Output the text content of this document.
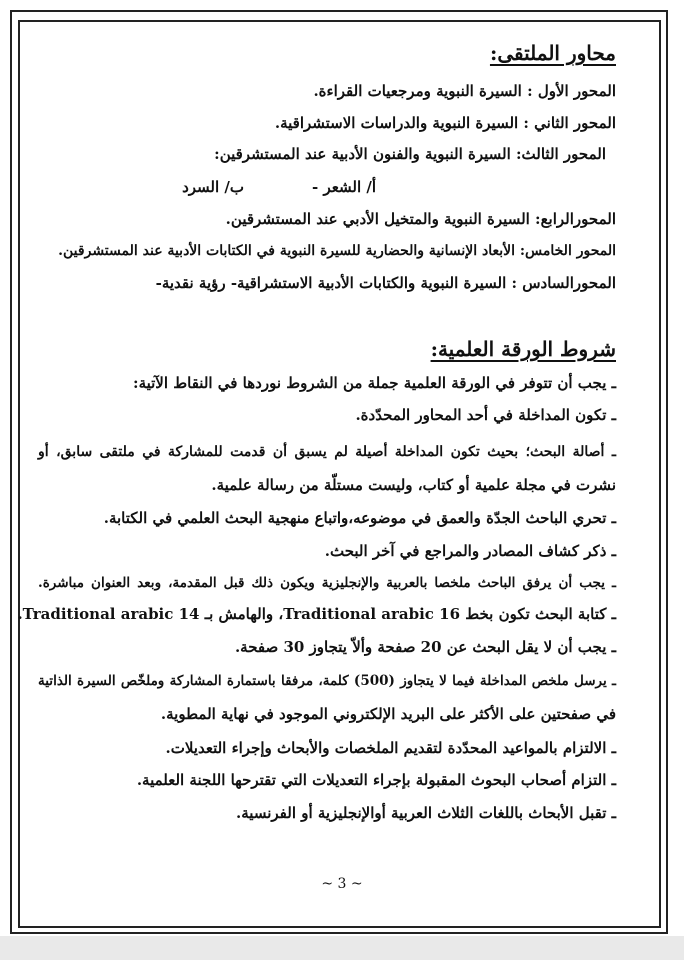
محاور الملتقى:
المحور الأول : السيرة النبوية ومرجعيات القراءة.
المحور الثاني : السيرة النبوية والدراسات الاستشراقية.
المحور الثالث: السيرة النبوية والفنون الأدبية عند المستشرقين:
أ/ الشعر -
ب/ السرد
المحورالرابع: السيرة النبوية والمتخيل الأدبي عند المستشرقين.
المحور الخامس: الأبعاد الإنسانية والحضارية للسيرة النبوية في الكتابات الأدبية عند المستشرقين.
المحورالسادس : السيرة النبوية والكتابات الأدبية الاستشراقية- رؤية نقدية-
شروط الورقة العلمية:
ـ يجب أن تتوفر في الورقة العلمية جملة من الشروط نوردها في النقاط الآتية:
ـ تكون المداخلة في أحد المحاور المحدّدة.
ـ أصالة البحث؛ بحيث تكون المداخلة أصيلة لم يسبق أن قدمت للمشاركة في ملتقى سابق، أو
نشرت في مجلة علمية أو كتاب، وليست مستلّة من رسالة علمية.
ـ تحري الباحث الجدّة والعمق في موضوعه،واتباع منهجية البحث العلمي في الكتابة.
ـ ذكر كشاف المصادر والمراجع في آخر البحث.
ـ يجب أن يرفق الباحث ملخصا بالعربية والإنجليزية ويكون ذلك قبل المقدمة، وبعد العنوان مباشرة.
ـ كتابة البحث تكون بخط Traditional arabic 16، والهامش بـ Traditional arabic 14.
ـ يجب أن لا يقل البحث عن 20 صفحة وألاّ يتجاوز 30 صفحة.
ـ يرسل ملخص المداخلة فيما لا يتجاوز (500) كلمة، مرفقا باستمارة المشاركة وملخّص السيرة الذاتية
في صفحتين على الأكثر على البريد الإلكتروني الموجود في نهاية المطوية.
ـ الالتزام بالمواعيد المحدّدة لتقديم الملخصات والأبحاث وإجراء التعديلات.
ـ التزام أصحاب البحوث المقبولة بإجراء التعديلات التي تقترحها اللجنة العلمية.
ـ تقبل الأبحاث باللغات الثلاث العربية أوالإنجليزية أو الفرنسية.
~ 3 ~
